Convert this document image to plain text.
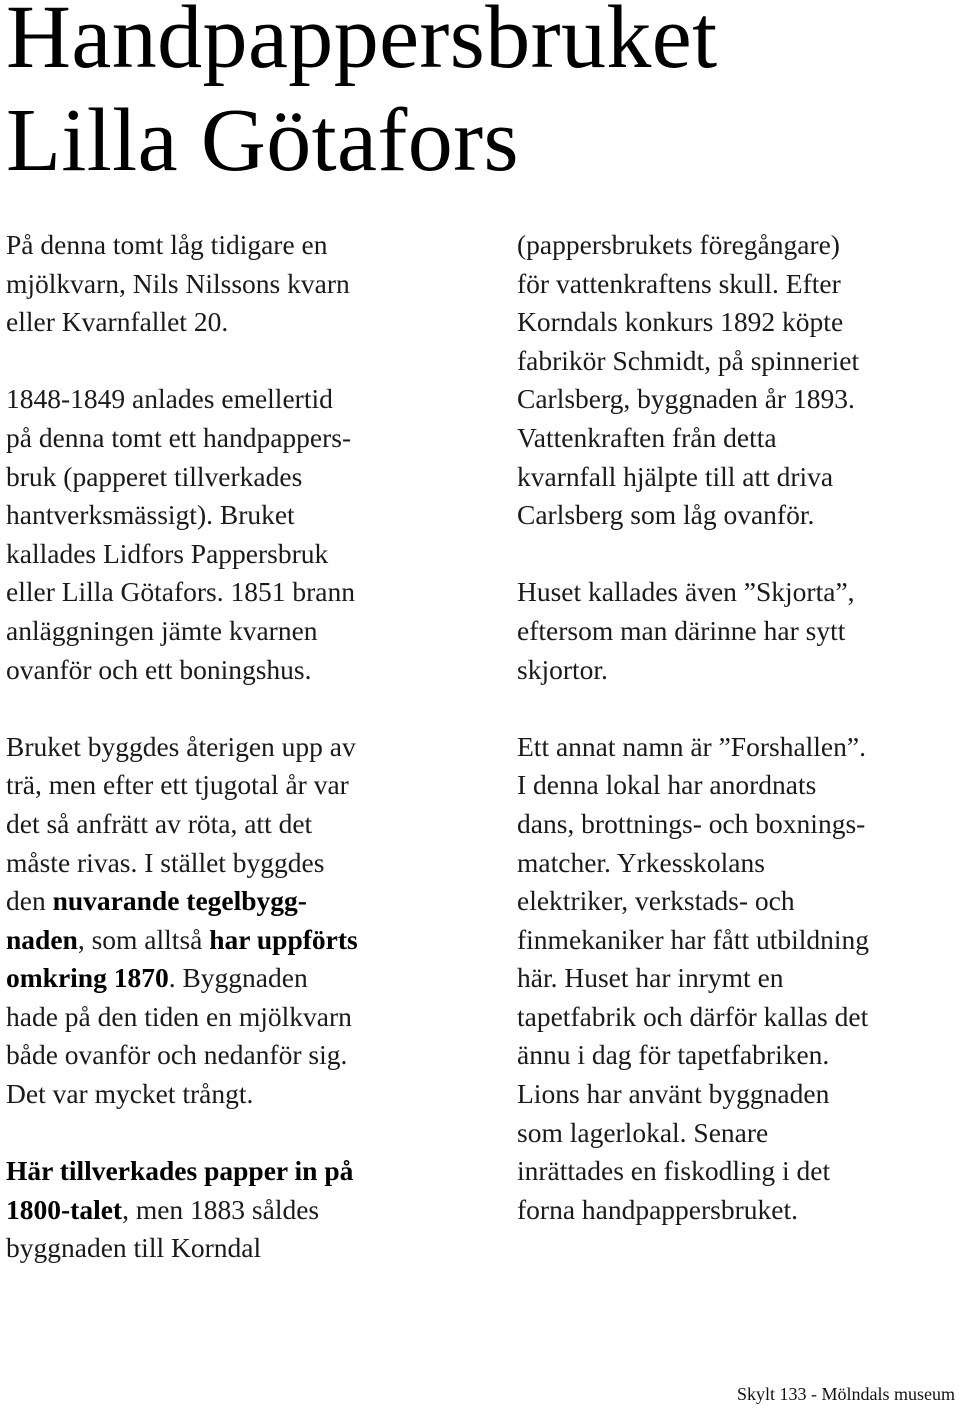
Handpappersbruket
Lilla Götafors

På denna tomt låg tidigare en
mjölkvarn, Nils Nilssons kvarn
eller Kvarnfallet 20.

1848-1849 anlades emellertid
på denna tomt ett handpappers-
bruk (papperet tillverkades
hantverksmässigt). Bruket
kallades Lidfors Pappersbruk
eller Lilla Götafors. 1851 brann
anläggningen jämte kvarnen
ovanför och ett boningshus.

Bruket byggdes återigen upp av
trä, men efter ett tjugotal år var
det så anfrätt av röta, att det
måste rivas. I stället byggdes
den nuvarande tegelbygg-
naden, som alltså har uppförts
omkring 1870. Byggnaden
hade på den tiden en mjölkvarn
både ovanför och nedanför sig.
Det var mycket trångt.

Här tillverkades papper in på
1800-talet, men 1883 såldes
byggnaden till Korndal

(pappersbrukets föregångare)
för vattenkraftens skull. Efter
Korndals konkurs 1892 köpte
fabrikör Schmidt, på spinneriet
Carlsberg, byggnaden år 1893.
Vattenkraften från detta
kvarnfall hjälpte till att driva
Carlsberg som låg ovanför.

Huset kallades även ”Skjorta”,
eftersom man därinne har sytt
skjortor.

Ett annat namn är ”Forshallen”.
I denna lokal har anordnats
dans, brottnings- och boxnings-
matcher. Yrkesskolans
elektriker, verkstads- och
finmekaniker har fått utbildning
här. Huset har inrymt en
tapetfabrik och därför kallas det
ännu i dag för tapetfabriken.
Lions har använt byggnaden
som lagerlokal. Senare
inrättades en fiskodling i det
forna handpappersbruket.

Skylt 133 - Mölndals museum
